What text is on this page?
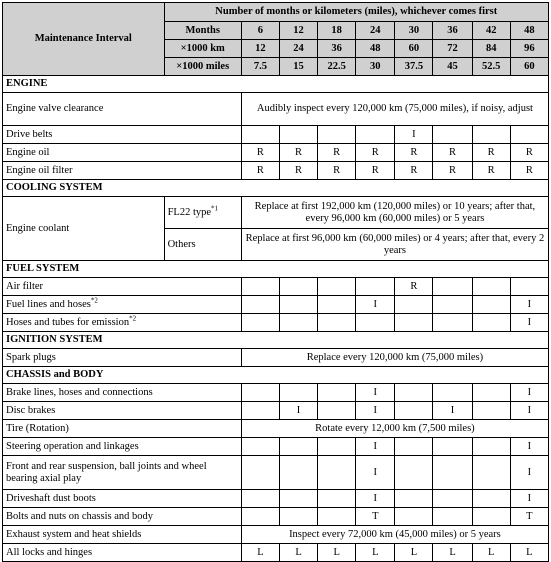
Maintenance Interval	Number of months or kilometers (miles), whichever comes first								
	Months	6	12	18	24	30	36	42	48
	×1000 km	12	24	36	48	60	72	84	96
	×1000 miles	7.5	15	22.5	30	37.5	45	52.5	60
ENGINE									
Engine valve clearance		Audibly inspect every 120,000 km (75,000 miles), if noisy, adjust							
Drive belts						I			
Engine oil		R	R	R	R	R	R	R	R
Engine oil filter		R	R	R	R	R	R	R	R
COOLING SYSTEM									
Engine coolant	FL22 type$^{*1}$	Replace at first 192,000 km (120,000 miles) or 10 years; after that, every 96,000 km (60,000 miles) or 5 years							
	Others	Replace at first 96,000 km (60,000 miles) or 4 years; after that, every 2 years							
FUEL SYSTEM									
Air filter						R			
Fuel lines and hoses$^{*2}$					I				I
Hoses and tubes for emission$^{*2}$									I
IGNITION SYSTEM									
Spark plugs		Replace every 120,000 km (75,000 miles)							
CHASSIS and BODY									
Brake lines, hoses and connections					I				I
Disc brakes			I		I		I		I
Tire (Rotation)		Rotate every 12,000 km (7,500 miles)							
Steering operation and linkages					I				I
Front and rear suspension, ball joints and wheel bearing axial play					I				I
Driveshaft dust boots					I				I
Bolts and nuts on chassis and body					T				T
Exhaust system and heat shields		Inspect every 72,000 km (45,000 miles) or 5 years							
All locks and hinges		L	L	L	L	L	L	L	L
